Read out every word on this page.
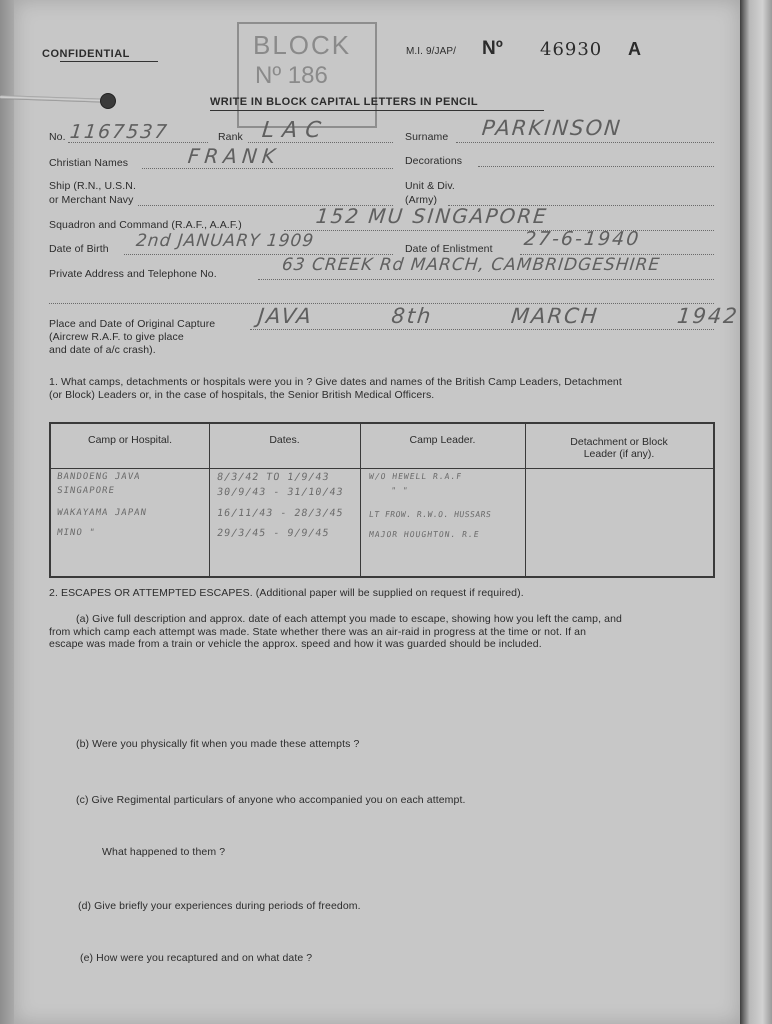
CONFIDENTIAL	BLOCK
Nº 186
M.I. 9/JAP/ Nº 46930 A
WRITE IN BLOCK CAPITAL LETTERS IN PENCIL
No. 1167537	Rank LAC	Surname PARKINSON
Christian Names	FRANK	Decorations
Ship (R.N., U.S.N.
or Merchant Navy
Unit & Div.
(Army)
Squadron and Command (R.A.F., A.A.F.)	152 MU SINGAPORE
Date of Birth 2nd JANUARY 1909	Date of Enlistment 27-6-1940
Private Address and Telephone No.	63 CREEK Rd MARCH, CAMBRIDGESHIRE
Place and Date of Original Capture
(Aircrew R.A.F. to give place
and date of a/c crash).
JAVA 8th MARCH 1942
1. What camps, detachments or hospitals were you in ? Give dates and names of the British Camp Leaders, Detachment
(or Block) Leaders or, in the case of hospitals, the Senior British Medical Officers.
Camp or Hospital.	Dates.	Camp Leader.	Detachment or Block
Leader (if any).
BANDOENG JAVA	8/3/42 TO 1/9/43	W/O HEWELL R.A.F
SINGAPORE	30/9/43 - 31/10/43	" "
WAKAYAMA JAPAN	16/11/43 - 28/3/45	LT FROW. R.W.O. HUSSARS
MINO "	29/3/45 - 9/9/45	MAJOR HOUGHTON. R.E
2. ESCAPES OR ATTEMPTED ESCAPES. (Additional paper will be supplied on request if required).
(a) Give full description and approx. date of each attempt you made to escape, showing how you left the camp, and
from which camp each attempt was made. State whether there was an air-raid in progress at the time or not. If an
escape was made from a train or vehicle the approx. speed and how it was guarded should be included.
(b) Were you physically fit when you made these attempts ?
(c) Give Regimental particulars of anyone who accompanied you on each attempt.
What happened to them ?
(d) Give briefly your experiences during periods of freedom.
(e) How were you recaptured and on what date ?
